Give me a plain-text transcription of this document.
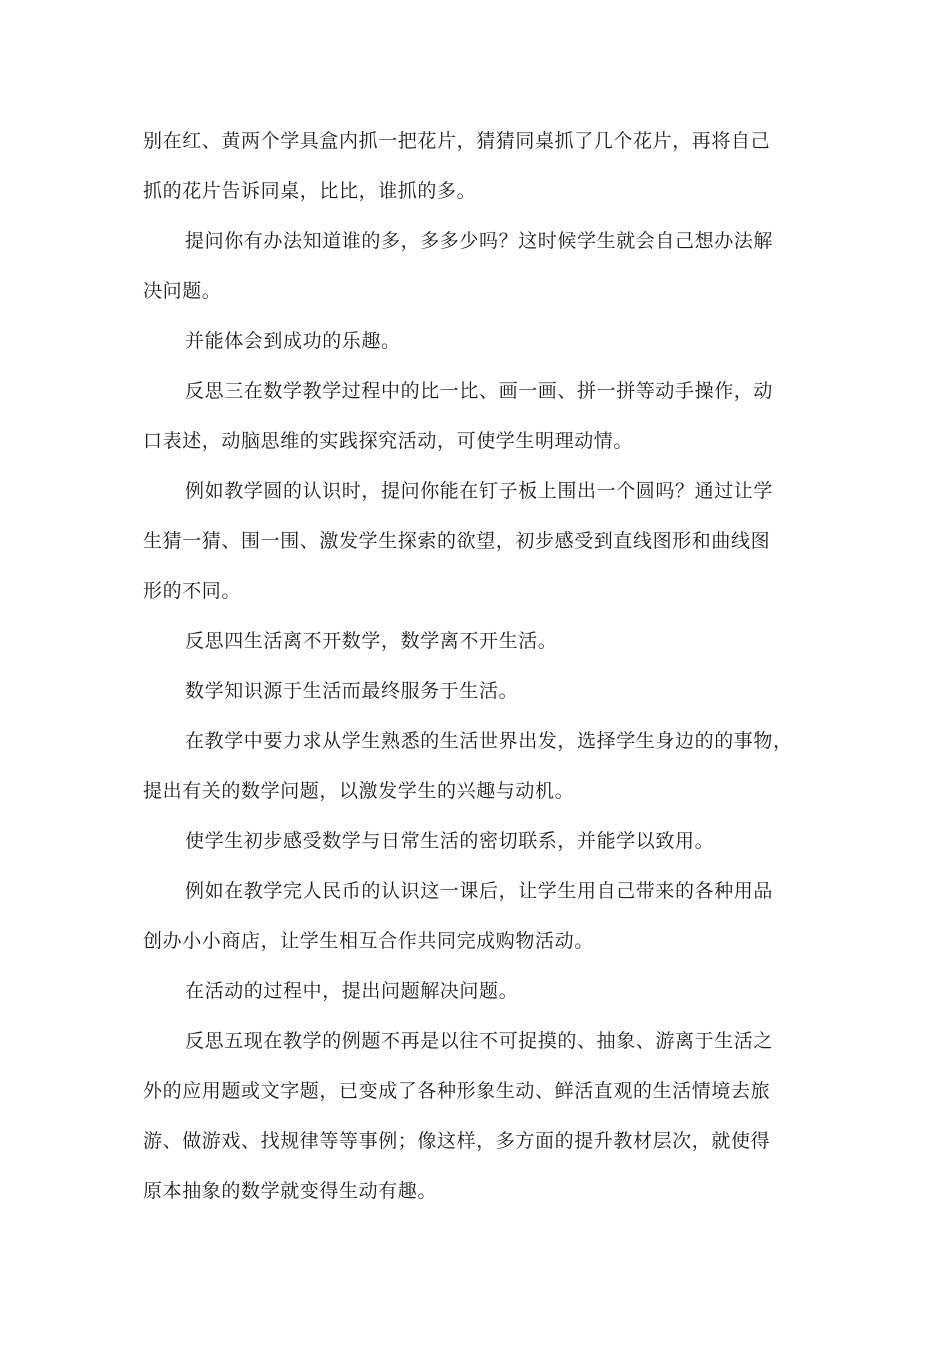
别在红、黄两个学具盒内抓一把花片，猜猜同桌抓了几个花片，再将自己
抓的花片告诉同桌，比比，谁抓的多。
提问你有办法知道谁的多，多多少吗？这时候学生就会自己想办法解
决问题。
并能体会到成功的乐趣。
反思三在数学教学过程中的比一比、画一画、拼一拼等动手操作，动
口表述，动脑思维的实践探究活动，可使学生明理动情。
例如教学圆的认识时，提问你能在钉子板上围出一个圆吗？通过让学
生猜一猜、围一围、激发学生探索的欲望，初步感受到直线图形和曲线图
形的不同。
反思四生活离不开数学，数学离不开生活。
数学知识源于生活而最终服务于生活。
在教学中要力求从学生熟悉的生活世界出发，选择学生身边的的事物，
提出有关的数学问题，以激发学生的兴趣与动机。
使学生初步感受数学与日常生活的密切联系，并能学以致用。
例如在教学完人民币的认识这一课后，让学生用自己带来的各种用品
创办小小商店，让学生相互合作共同完成购物活动。
在活动的过程中，提出问题解决问题。
反思五现在教学的例题不再是以往不可捉摸的、抽象、游离于生活之
外的应用题或文字题，已变成了各种形象生动、鲜活直观的生活情境去旅
游、做游戏、找规律等等事例；像这样，多方面的提升教材层次，就使得
原本抽象的数学就变得生动有趣。
